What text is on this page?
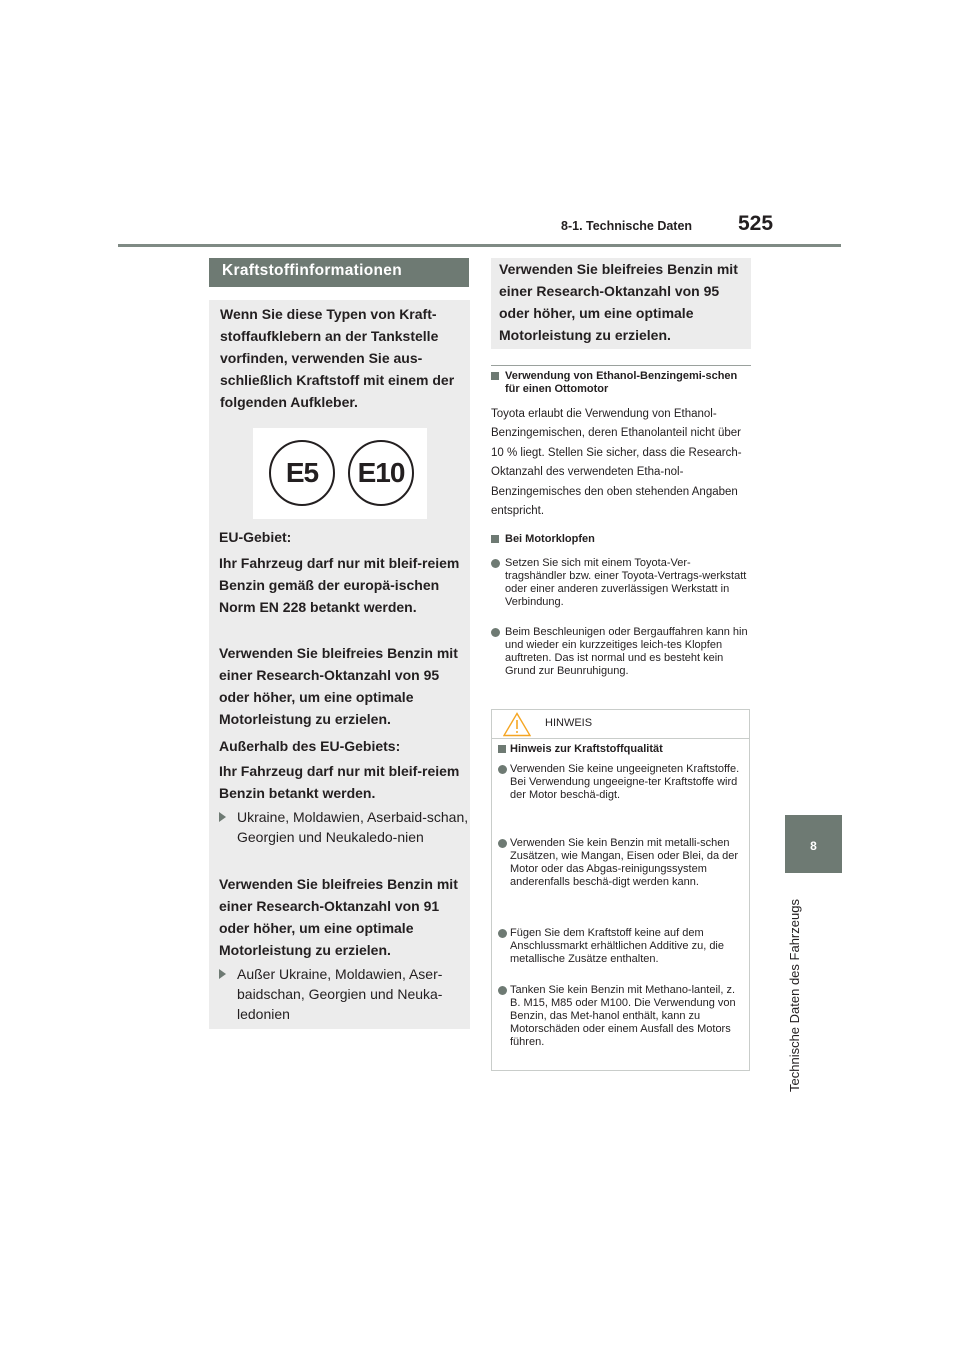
8-1. Technische Daten 525
8
Technische Daten des Fahrzeugs
Kraftstoffinformationen

Wenn Sie diese Typen von Kraft-stoffaufklebern an der Tankstelle vorfinden, verwenden Sie aus-schließlich Kraftstoff mit einem der folgenden Aufkleber.

E5	E10

EU-Gebiet:

Ihr Fahrzeug darf nur mit bleif-reiem Benzin gemäß der europä-ischen Norm EN 228 betankt werden.

Verwenden Sie bleifreies Benzin mit einer Research-Oktanzahl von 95 oder höher, um eine optimale Motorleistung zu erzielen.

Außerhalb des EU-Gebiets:

Ihr Fahrzeug darf nur mit bleif-reiem Benzin betankt werden.

Ukraine, Moldawien, Aserbaid-schan, Georgien und Neukaledo-nien

Verwenden Sie bleifreies Benzin mit einer Research-Oktanzahl von 91 oder höher, um eine optimale Motorleistung zu erzielen.

Außer Ukraine, Moldawien, Aser-baidschan, Georgien und Neuka-ledonien

Verwenden Sie bleifreies Benzin mit einer Research-Oktanzahl von 95 oder höher, um eine optimale Motorleistung zu erzielen.

Verwendung von Ethanol-Benzingemi-schen für einen Ottomotor
Toyota erlaubt die Verwendung von Ethanol-Benzingemischen, deren Ethanolanteil nicht über 10 % liegt. Stellen Sie sicher, dass die Research-Oktanzahl des verwendeten Etha-nol-Benzingemisches den oben stehenden Angaben entspricht.
Bei Motorklopfen
Setzen Sie sich mit einem Toyota-Ver-tragshändler bzw. einer Toyota-Vertrags-werkstatt oder einer anderen zuverlässigen Werkstatt in Verbindung.
Beim Beschleunigen oder Bergauffahren kann hin und wieder ein kurzzeitiges leich-tes Klopfen auftreten. Das ist normal und es besteht kein Grund zur Beunruhigung.
HINWEIS
Hinweis zur Kraftstoffqualität
Verwenden Sie keine ungeeigneten Kraftstoffe. Bei Verwendung ungeeigne-ter Kraftstoffe wird der Motor beschä-digt.
Verwenden Sie kein Benzin mit metalli-schen Zusätzen, wie Mangan, Eisen oder Blei, da der Motor oder das Abgas-reinigungssystem anderenfalls beschä-digt werden kann.
Fügen Sie dem Kraftstoff keine auf dem Anschlussmarkt erhältlichen Additive zu, die metallische Zusätze enthalten.
Tanken Sie kein Benzin mit Methano-lanteil, z. B. M15, M85 oder M100. Die Verwendung von Benzin, das Met-hanol enthält, kann zu Motorschäden oder einem Ausfall des Motors führen.
